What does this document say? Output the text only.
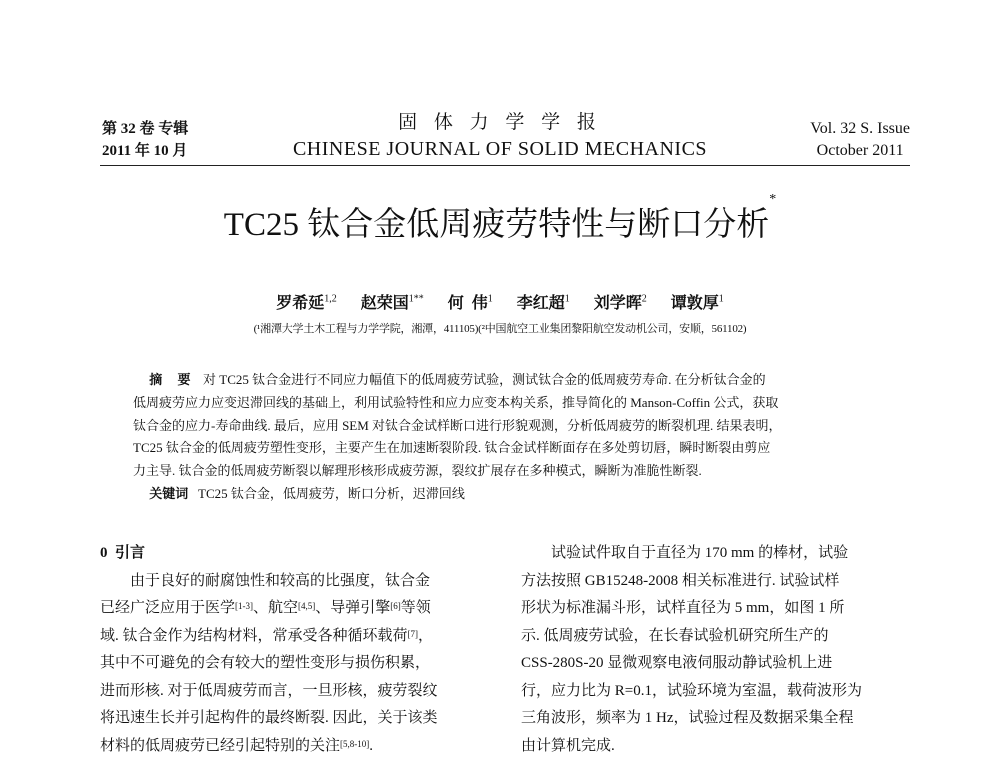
第 32 卷 专辑
2011 年 10 月
固 体 力 学 学 报
CHINESE JOURNAL OF SOLID MECHANICS
Vol. 32 S. Issue
October 2011
TC25 钛合金低周疲劳特性与断口分析*
罗希延$^{1,2}$ 赵荣国$^{1**}$ 何 伟$^1$ 李红超$^1$ 刘学晖$^2$ 谭敦厚$^1$
(¹湘潭大学土木工程与力学学院，湘潭，411105)(²中国航空工业集团黎阳航空发动机公司，安顺，561102)
摘 要 对 TC25 钛合金进行不同应力幅值下的低周疲劳试验，测试钛合金的低周疲劳寿命. 在分析钛合金的
低周疲劳应力应变迟滞回线的基础上，利用试验特性和应力应变本构关系，推导简化的 Manson-Coffin 公式，获取
钛合金的应力-寿命曲线. 最后，应用 SEM 对钛合金试样断口进行形貌观测，分析低周疲劳的断裂机理. 结果表明，
TC25 钛合金的低周疲劳塑性变形，主要产生在加速断裂阶段. 钛合金试样断面存在多处剪切唇，瞬时断裂由剪应
力主导. 钛合金的低周疲劳断裂以解理形核形成疲劳源，裂纹扩展存在多种模式，瞬断为准脆性断裂.
关键词 TC25 钛合金，低周疲劳，断口分析，迟滞回线
0 引言
由于良好的耐腐蚀性和较高的比强度，钛合金
已经广泛应用于医学[1-3]、航空[4,5]、导弹引擎[6]等领
域. 钛合金作为结构材料，常承受各种循环载荷[7]，
其中不可避免的会有较大的塑性变形与损伤积累，
进而形核. 对于低周疲劳而言，一旦形核，疲劳裂纹
将迅速生长并引起构件的最终断裂. 因此，关于该类
材料的低周疲劳已经引起特别的关注[5,8-10].
试验试件取自于直径为 170 mm 的棒材，试验
方法按照 GB15248-2008 相关标准进行. 试验试样
形状为标准漏斗形，试样直径为 5 mm，如图 1 所
示. 低周疲劳试验，在长春试验机研究所生产的
CSS-280S-20 显微观察电液伺服动静试验机上进
行，应力比为 R=0.1，试验环境为室温，载荷波形为
三角波形，频率为 1 Hz，试验过程及数据采集全程
由计算机完成.
